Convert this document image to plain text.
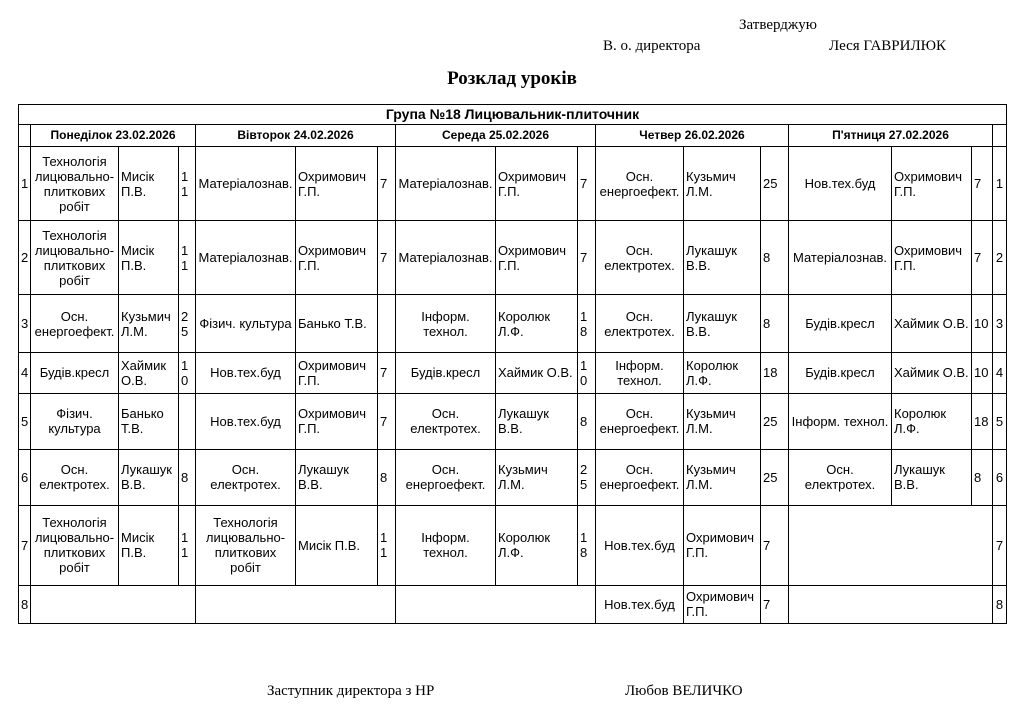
Затверджую
В. о. директора	Леся ГАВРИЛЮК
Розклад уроків
Група №18 Лицювальник-плиточник																
	Понеділок 23.02.2026			Вівторок 24.02.2026			Середа 25.02.2026			Четвер 26.02.2026			П'ятниця 27.02.2026			
1	Технологія лицювально-плиткових робіт	Мисік П.В.	11	Матеріалознав.	Охримович Г.П.	7	Матеріалознав.	Охримович Г.П.	7	Осн. енергоефект.	Кузьмич Л.М.	25	Нов.тех.буд	Охримович Г.П.	7	1
2	Технологія лицювально-плиткових робіт	Мисік П.В.	11	Матеріалознав.	Охримович Г.П.	7	Матеріалознав.	Охримович Г.П.	7	Осн. електротех.	Лукашук В.В.	8	Матеріалознав.	Охримович Г.П.	7	2
3	Осн. енергоефект.	Кузьмич Л.М.	25	Фізич. культура	Банько Т.В.		Інформ. технол.	Королюк Л.Ф.	18	Осн. електротех.	Лукашук В.В.	8	Будів.кресл	Хаймик О.В.	10	3
4	Будів.кресл	Хаймик О.В.	10	Нов.тех.буд	Охримович Г.П.	7	Будів.кресл	Хаймик О.В.	10	Інформ. технол.	Королюк Л.Ф.	18	Будів.кресл	Хаймик О.В.	10	4
5	Фізич. культура	Банько Т.В.		Нов.тех.буд	Охримович Г.П.	7	Осн. електротех.	Лукашук В.В.	8	Осн. енергоефект.	Кузьмич Л.М.	25	Інформ. технол.	Королюк Л.Ф.	18	5
6	Осн. електротех.	Лукашук В.В.	8	Осн. електротех.	Лукашук В.В.	8	Осн. енергоефект.	Кузьмич Л.М.	25	Осн. енергоефект.	Кузьмич Л.М.	25	Осн. електротех.	Лукашук В.В.	8	6
7	Технологія лицювально-плиткових робіт	Мисік П.В.	11	Технологія лицювально-плиткових робіт	Мисік П.В.	11	Інформ. технол.	Королюк Л.Ф.	18	Нов.тех.буд	Охримович Г.П.	7				7
8										Нов.тех.буд	Охримович Г.П.	7				8
Заступник директора з НР	Любов ВЕЛИЧКО
